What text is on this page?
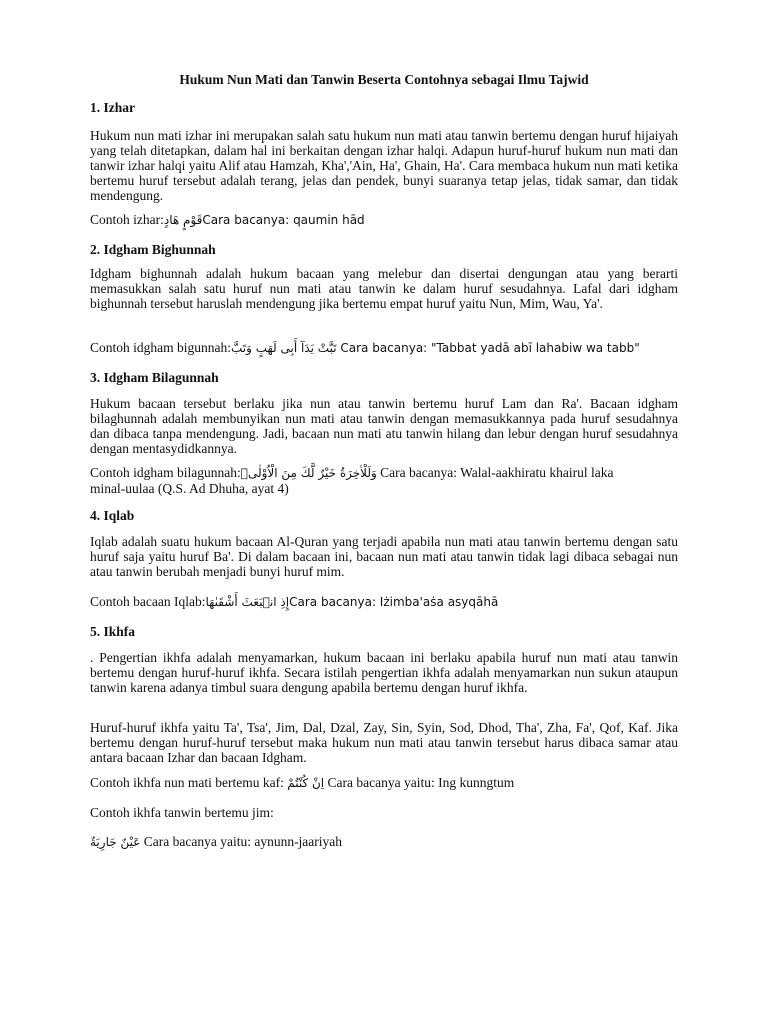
Hukum Nun Mati dan Tanwin Beserta Contohnya sebagai Ilmu Tajwid
1. Izhar
Hukum nun mati izhar ini merupakan salah satu hukum nun mati atau tanwin bertemu dengan huruf hijaiyah yang telah ditetapkan, dalam hal ini berkaitan dengan izhar halqi. Adapun huruf-huruf hukum nun mati dan tanwir izhar halqi yaitu Alif atau Hamzah, Kha','Ain, Ha', Ghain, Ha'. Cara membaca hukum nun mati ketika bertemu huruf tersebut adalah terang, jelas dan pendek, bunyi suaranya tetap jelas, tidak samar, dan tidak mendengung.
Contoh izhar:قَوْمٍ هَادٍCara bacanya: qaumin hād
2. Idgham Bighunnah
Idgham bighunnah adalah hukum bacaan yang melebur dan disertai dengungan atau yang berarti memasukkan salah satu huruf nun mati atau tanwin ke dalam huruf sesudahnya. Lafal dari idgham bighunnah tersebut haruslah mendengung jika bertemu empat huruf yaitu Nun, Mim, Wau, Ya'.
Contoh idgham bigunnah:تَبَّتْ يَدَآ أَبِى لَهَبٍ وَتَبَّ Cara bacanya: "Tabbat yadā abī lahabiw wa tabb"
3. Idgham Bilagunnah
Hukum bacaan tersebut berlaku jika nun atau tanwin bertemu huruf Lam dan Ra'. Bacaan idgham bilaghunnah adalah membunyikan nun mati atau tanwin dengan memasukkannya pada huruf sesudahnya dan dibaca tanpa mendengung. Jadi, bacaan nun mati atu tanwin hilang dan lebur dengan huruf sesudahnya dengan mentasydidkannya.
Contoh idgham bilagunnah:وَلَلْاٰخِرَةُ خَيْرٌ لَّكَ مِنَ الْاُوْلٰىۗ Cara bacanya: Walal-aakhiratu khairul laka
minal-uulaa (Q.S. Ad Dhuha, ayat 4)
4. Iqlab
Iqlab adalah suatu hukum bacaan Al-Quran yang terjadi apabila nun mati atau tanwin bertemu dengan satu huruf saja yaitu huruf Ba'. Di dalam bacaan ini, bacaan nun mati atau tanwin tidak lagi dibaca sebagai nun atau tanwin berubah menjadi bunyi huruf mim.
Contoh bacaan Iqlab:إِذِ انۢبَعَثَ أَشْقَىٰهَاCara bacanya: Iżimba'aṡa asyqāhā
5. Ikhfa
. Pengertian ikhfa adalah menyamarkan, hukum bacaan ini berlaku apabila huruf nun mati atau tanwin bertemu dengan huruf-huruf ikhfa. Secara istilah pengertian ikhfa adalah menyamarkan nun sukun ataupun tanwin karena adanya timbul suara dengung apabila bertemu dengan huruf ikhfa.
Huruf-huruf ikhfa yaitu Ta', Tsa', Jim, Dal, Dzal, Zay, Sin, Syin, Sod, Dhod, Tha', Zha, Fa', Qof, Kaf. Jika bertemu dengan huruf-huruf tersebut maka hukum nun mati atau tanwin tersebut harus dibaca samar atau antara bacaan Izhar dan bacaan Idgham.
Contoh ikhfa nun mati bertemu kaf: اِنْ كُنْتُمْ Cara bacanya yaitu: Ing kunngtum
Contoh ikhfa tanwin bertemu jim:
عَيْنٌ جَارِيَةٌ Cara bacanya yaitu: aynunn-jaariyah
